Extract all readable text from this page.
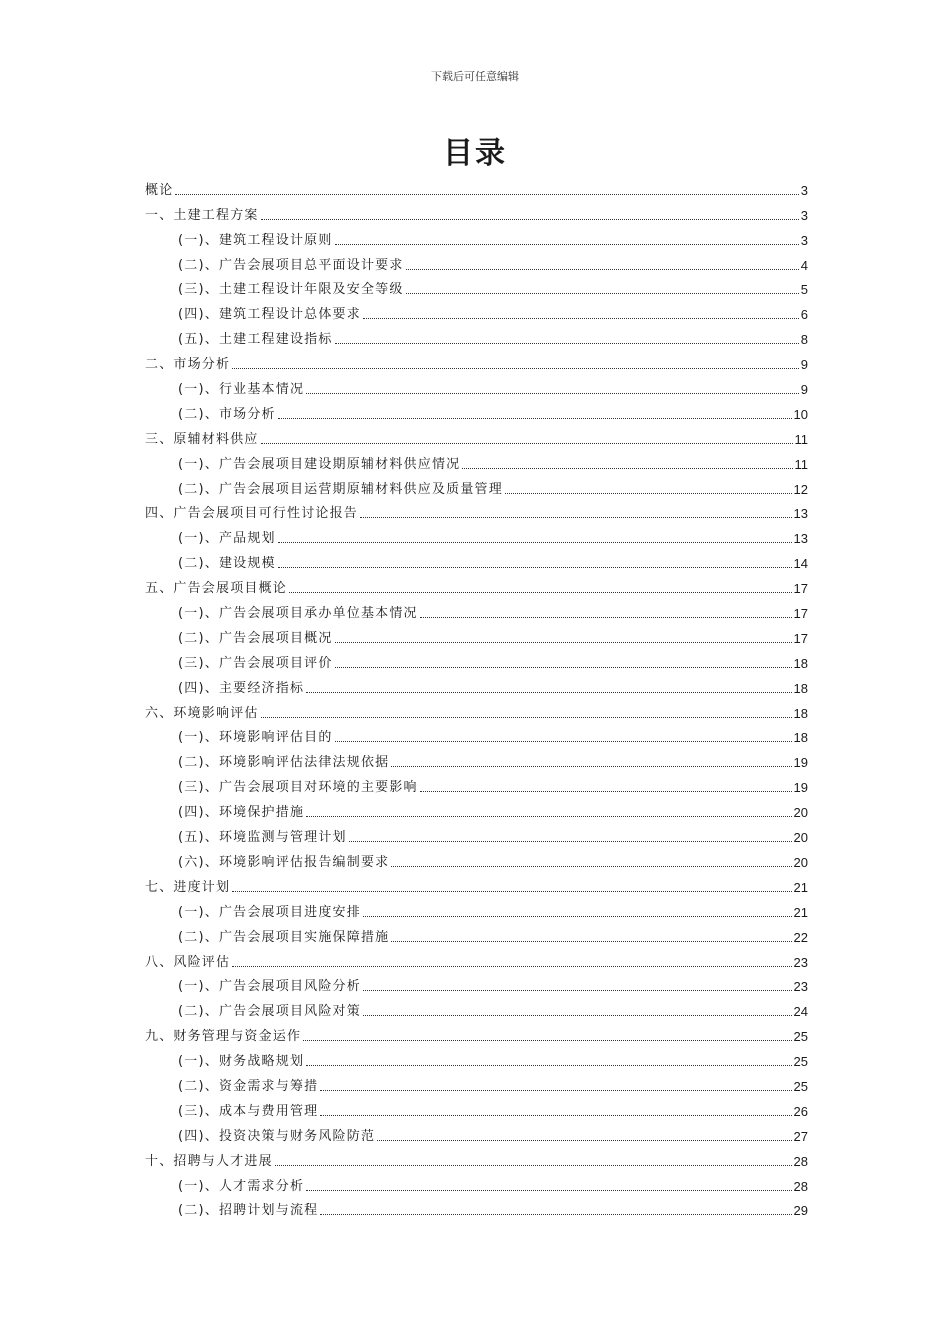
下载后可任意编辑
目录
概论	3
一、土建工程方案	3
(一)、建筑工程设计原则	3
(二)、广告会展项目总平面设计要求	4
(三)、土建工程设计年限及安全等级	5
(四)、建筑工程设计总体要求	6
(五)、土建工程建设指标	8
二、市场分析	9
(一)、行业基本情况	9
(二)、市场分析	10
三、原辅材料供应	11
(一)、广告会展项目建设期原辅材料供应情况	11
(二)、广告会展项目运营期原辅材料供应及质量管理	12
四、广告会展项目可行性讨论报告	13
(一)、产品规划	13
(二)、建设规模	14
五、广告会展项目概论	17
(一)、广告会展项目承办单位基本情况	17
(二)、广告会展项目概况	17
(三)、广告会展项目评价	18
(四)、主要经济指标	18
六、环境影响评估	18
(一)、环境影响评估目的	18
(二)、环境影响评估法律法规依据	19
(三)、广告会展项目对环境的主要影响	19
(四)、环境保护措施	20
(五)、环境监测与管理计划	20
(六)、环境影响评估报告编制要求	20
七、进度计划	21
(一)、广告会展项目进度安排	21
(二)、广告会展项目实施保障措施	22
八、风险评估	23
(一)、广告会展项目风险分析	23
(二)、广告会展项目风险对策	24
九、财务管理与资金运作	25
(一)、财务战略规划	25
(二)、资金需求与筹措	25
(三)、成本与费用管理	26
(四)、投资决策与财务风险防范	27
十、招聘与人才进展	28
(一)、人才需求分析	28
(二)、招聘计划与流程	29
